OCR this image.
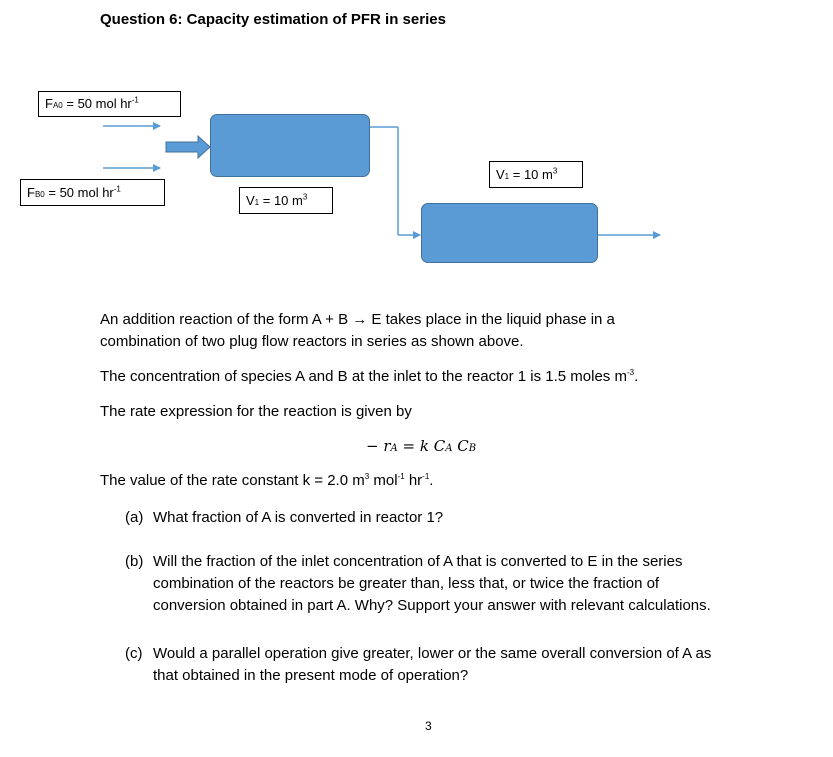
Question 6: Capacity estimation of PFR in series
FA0 = 50 mol $hr^{-1}$
FB0 = 50 mol $hr^{-1}$
V1 = 10 $m^3$
V1 = 10 $m^3$
An addition reaction of the form A + B → E takes place in the liquid phase in a
combination of two plug flow reactors in series as shown above.
The concentration of species A and B at the inlet to the reactor 1 is 1.5 moles $m^{-3}$.
The rate expression for the reaction is given by
− rA = k CA CB
The value of the rate constant k = 2.0 $m^3$ mol$^{-1}$ $hr^{-1}$.
(a) What fraction of A is converted in reactor 1?
(b) Will the fraction of the inlet concentration of A that is converted to E in the series
combination of the reactors be greater than, less that, or twice the fraction of
conversion obtained in part A. Why? Support your answer with relevant calculations.
(c) Would a parallel operation give greater, lower or the same overall conversion of A as
that obtained in the present mode of operation?
3
